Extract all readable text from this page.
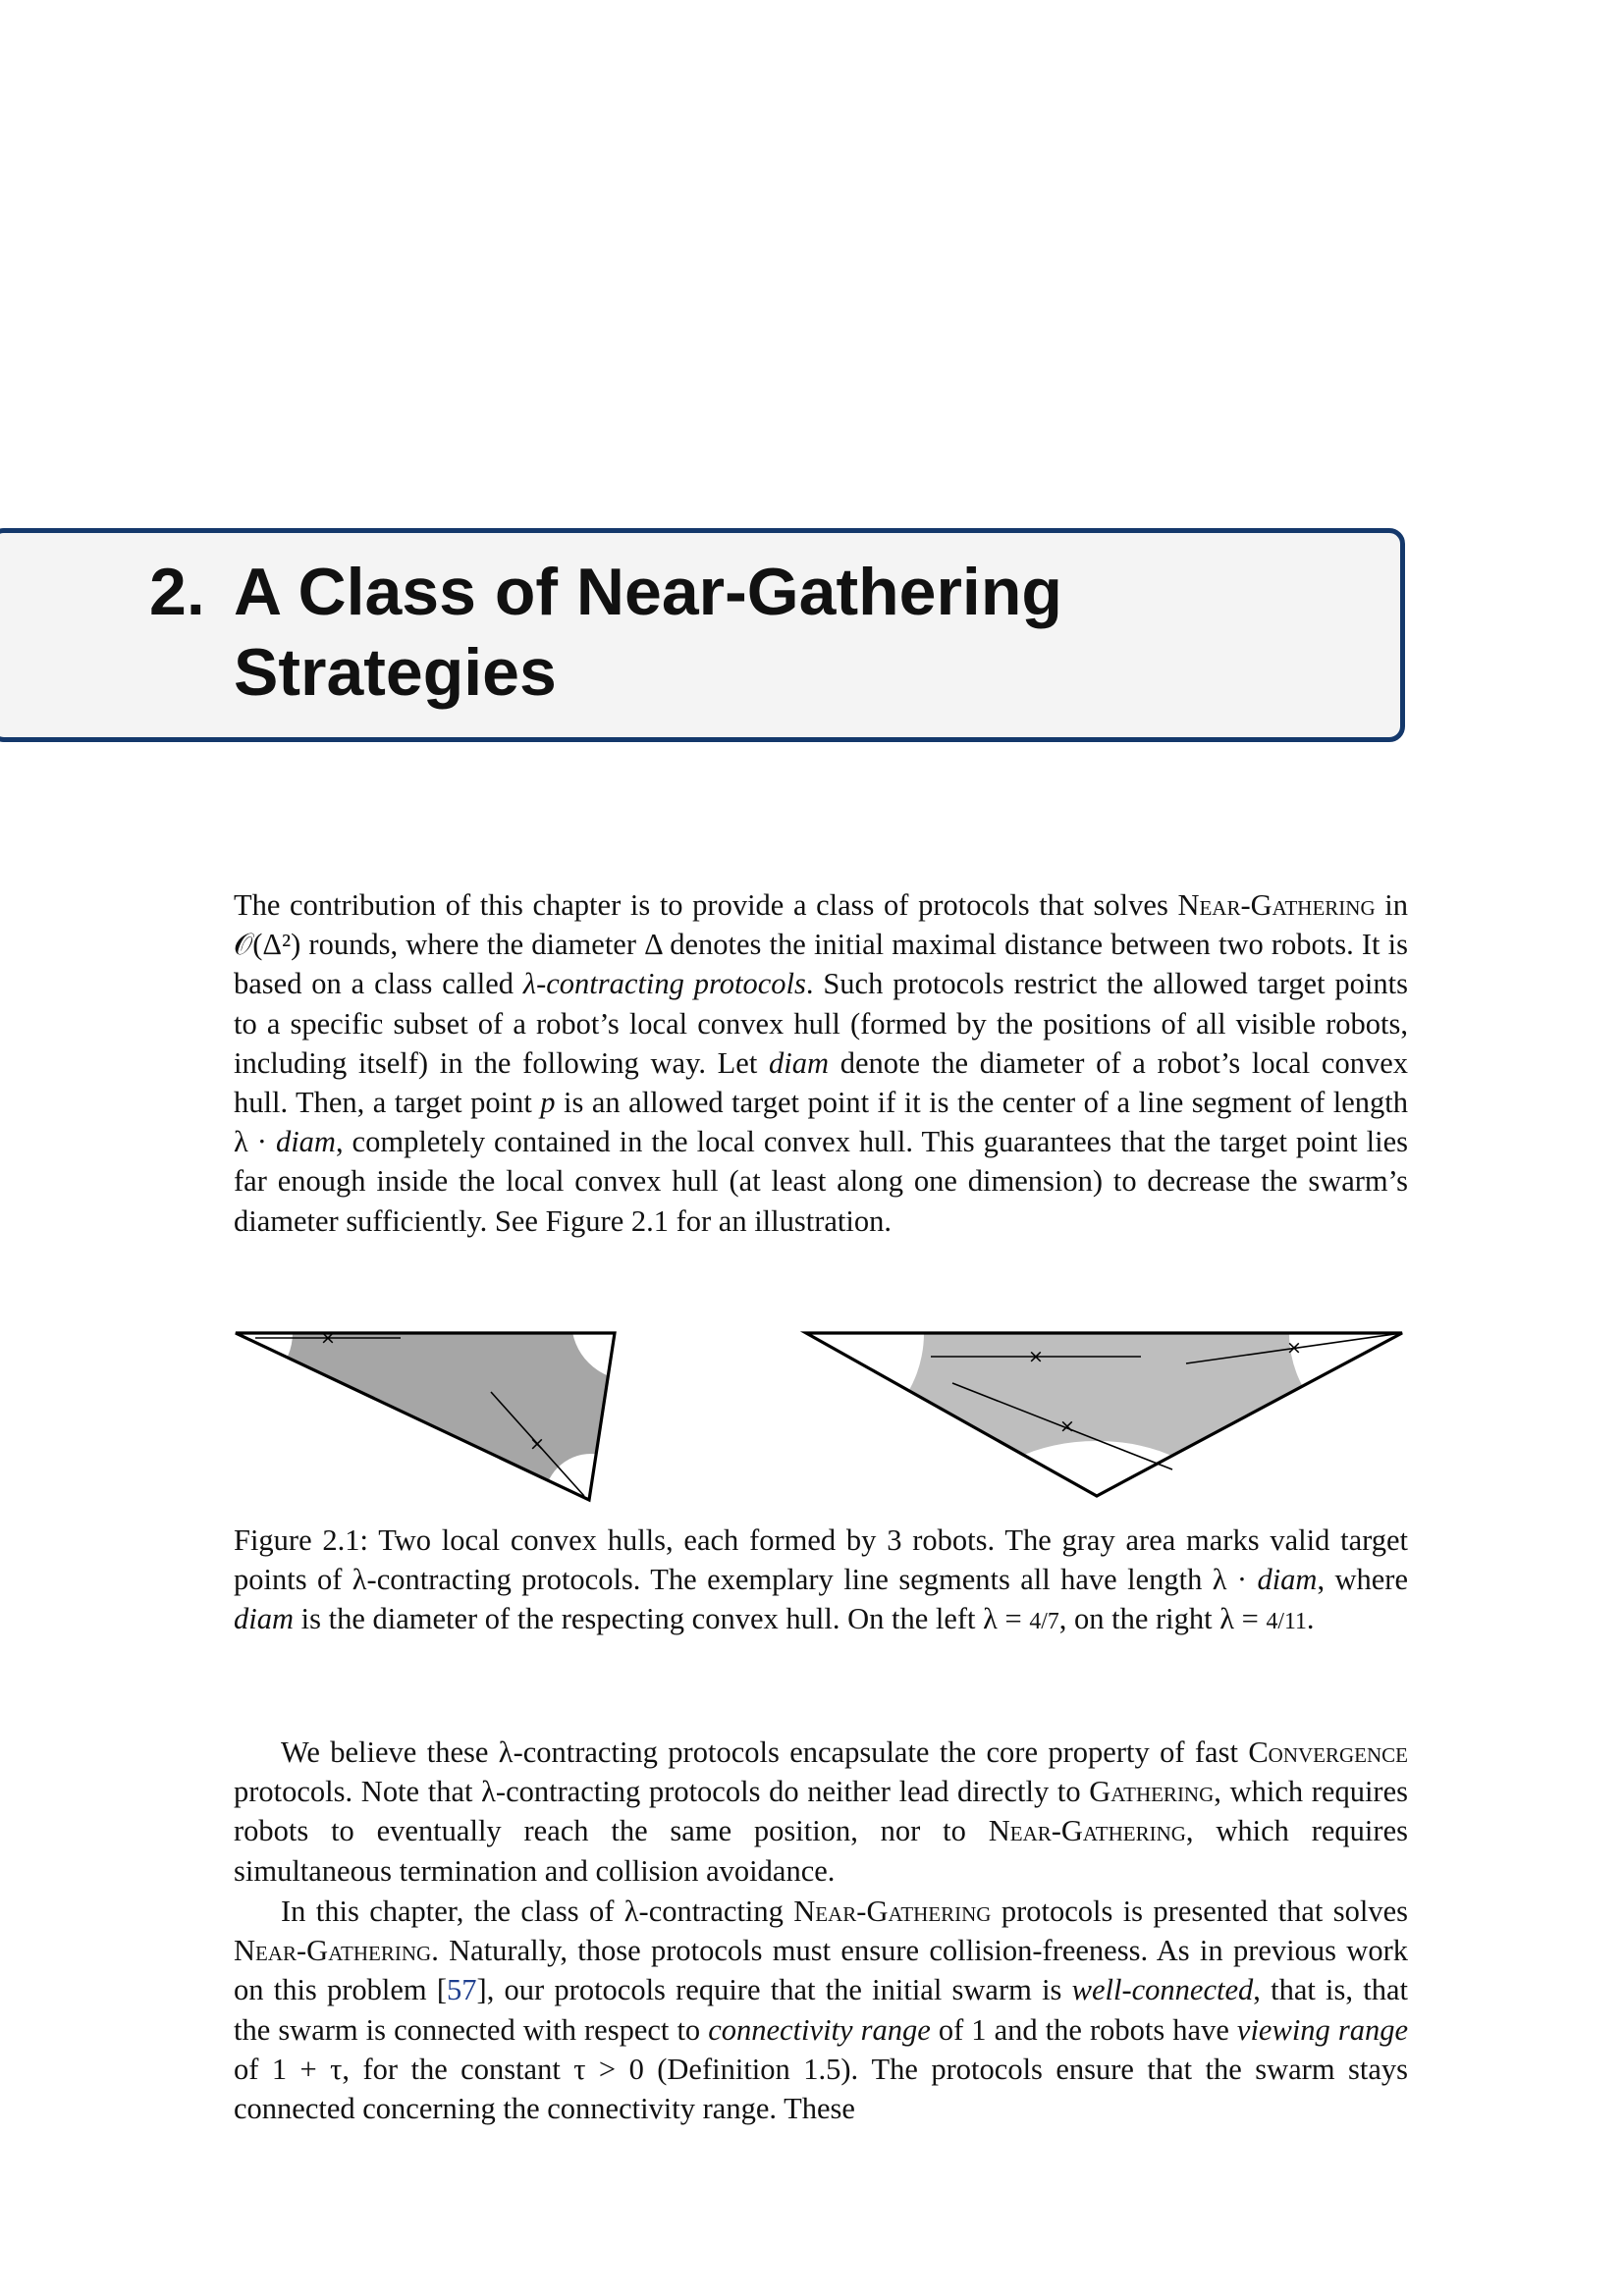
2. A Class of Near-Gathering Strategies

The contribution of this chapter is to provide a class of protocols that solves Near-Gathering in 𝒪(Δ²) rounds, where the diameter Δ denotes the initial maximal distance between two robots. It is based on a class called λ-contracting protocols. Such protocols restrict the allowed target points to a specific subset of a robot’s local convex hull (formed by the positions of all visible robots, including itself) in the following way. Let diam denote the diameter of a robot’s local convex hull. Then, a target point p is an allowed target point if it is the center of a line segment of length λ · diam, completely contained in the local convex hull. This guarantees that the target point lies far enough inside the local convex hull (at least along one dimension) to decrease the swarm’s diameter sufficiently. See Figure 2.1 for an illustration.

×
×
×	×
×

Figure 2.1: Two local convex hulls, each formed by 3 robots. The gray area marks valid target points of λ-contracting protocols. The exemplary line segments all have length λ · diam, where diam is the diameter of the respecting convex hull. On the left λ = 4/7, on the right λ = 4/11.

We believe these λ-contracting protocols encapsulate the core property of fast Convergence protocols. Note that λ-contracting protocols do neither lead directly to Gathering, which requires robots to eventually reach the same position, nor to Near-Gathering, which requires simultaneous termination and collision avoidance.

In this chapter, the class of λ-contracting Near-Gathering protocols is presented that solves Near-Gathering. Naturally, those protocols must ensure collision-freeness. As in previous work on this problem [57], our protocols require that the initial swarm is well-connected, that is, that the swarm is connected with respect to connectivity range of 1 and the robots have viewing range of 1 + τ, for the constant τ > 0 (Definition 1.5). The protocols ensure that the swarm stays connected concerning the connectivity range. These
